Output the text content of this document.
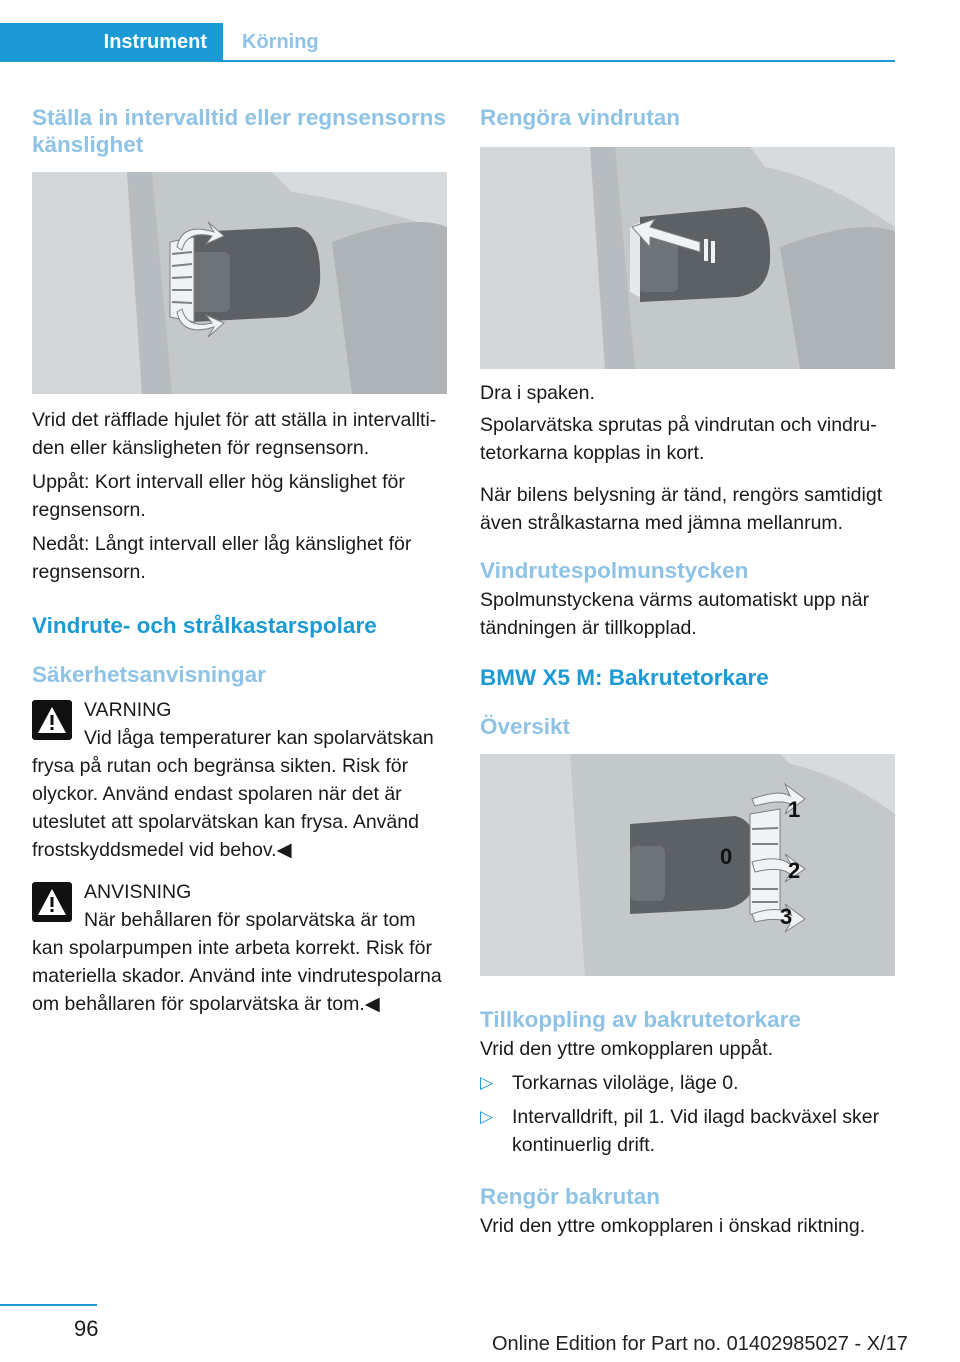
Instrument Körning
Ställa in intervalltid eller regnsensorns känslighet

Vrid det räfflade hjulet för att ställa in intervalltiden eller känsligheten för regnsensorn.

Uppåt: Kort intervall eller hög känslighet för regnsensorn.

Nedåt: Långt intervall eller låg känslighet för regnsensorn.

Vindrute- och strålkastarspolare
Säkerhetsanvisningar

VARNING

Vid låga temperaturer kan spolarvätskan

frysa på rutan och begränsa sikten. Risk för olyckor. Använd endast spolaren när det är uteslutet att spolarvätskan kan frysa. Använd frostskyddsmedel vid behov.◀

ANVISNING

När behållaren för spolarvätska är tom

kan spolarpumpen inte arbeta korrekt. Risk för materiella skador. Använd inte vindrutespolarna om behållaren för spolarvätska är tom.◀

Rengöra vindrutan

Dra i spaken.

Spolarvätska sprutas på vindrutan och vindrutetorkarna kopplas in kort.

När bilens belysning är tänd, rengörs samtidigt även strålkastarna med jämna mellanrum.

Vindrutespolmunstycken

Spolmunstyckena värms automatiskt upp när tändningen är tillkopplad.

BMW X5 M: Bakrutetorkare
Översikt
1
0
2
3
Tillkoppling av bakrutetorkare

Vrid den yttre omkopplaren uppåt.

▷ Torkarnas viloläge, läge 0.
▷ Intervalldrift, pil 1. Vid ilagd backväxel sker kontinuerlig drift.
Rengör bakrutan

Vrid den yttre omkopplaren i önskad riktning.

96
Online Edition for Part no. 01402985027 - X/17
